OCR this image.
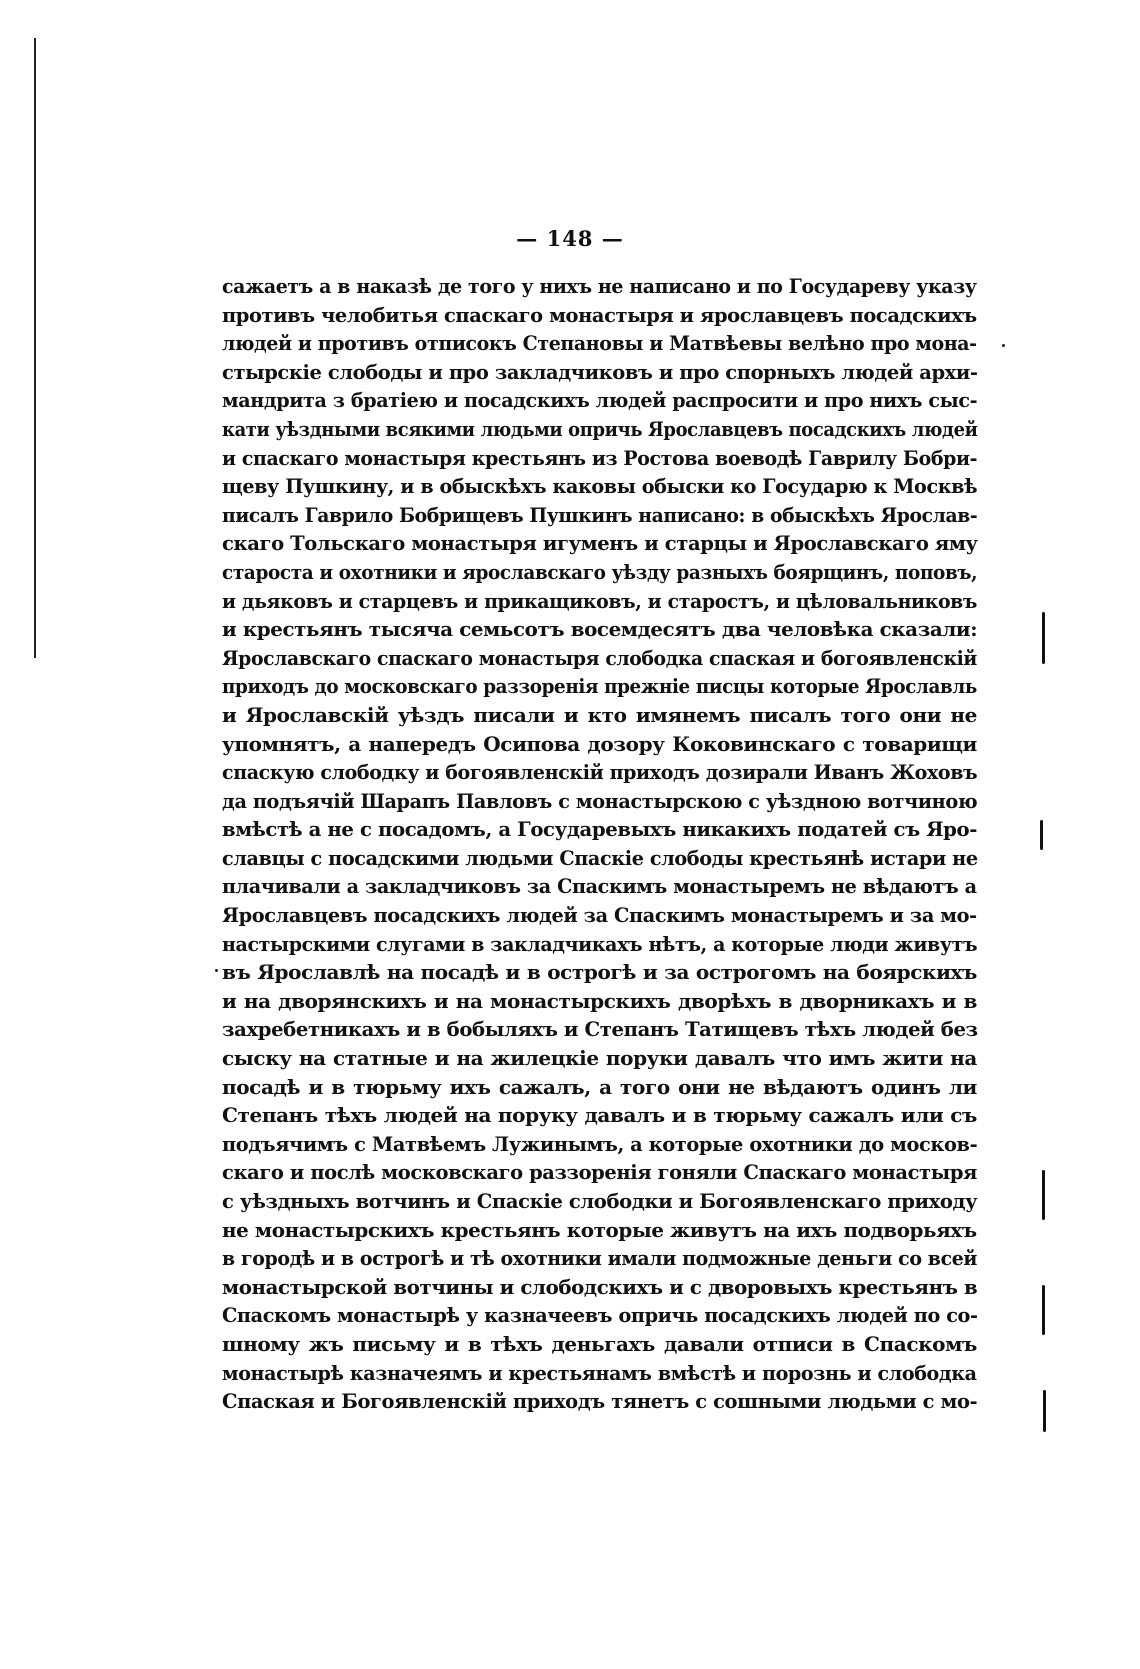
— 148 —
сажаетъ а в наказѣ де того у нихъ не написано и по Государеву указу
противъ челобитья спаскаго монастыря и ярославцевъ посадскихъ
людей и противъ отписокъ Степановы и Матвѣевы велѣно про мона-
стырскіе слободы и про закладчиковъ и про спорныхъ людей архи-
мандрита з братіею и посадскихъ людей распросити и про нихъ сыс-
кати уѣздными всякими людьми опричь Ярославцевъ посадскихъ людей
и спаскаго монастыря крестьянъ из Ростова воеводѣ Гаврилу Бобри-
щеву Пушкину, и в обыскѣхъ каковы обыски ко Государю к Москвѣ
писалъ Гаврило Бобрищевъ Пушкинъ написано: в обыскѣхъ Ярослав-
скаго Тольскаго монастыря игуменъ и старцы и Ярославскаго яму
староста и охотники и ярославскаго уѣзду разныхъ боярщинъ, поповъ,
и дьяковъ и старцевъ и прикащиковъ, и старостъ, и цѣловальниковъ
и крестьянъ тысяча семьсотъ восемдесятъ два человѣка сказали:
Ярославскаго спаскаго монастыря слободка спаская и богоявленскій
приходъ до московскаго раззоренія прежніе писцы которые Ярославль
и Ярославскій уѣздъ писали и кто имянемъ писалъ того они не
упомнятъ, а напередъ Осипова дозору Коковинскаго с товарищи
спаскую слободку и богоявленскій приходъ дозирали Иванъ Жоховъ
да подъячій Шарапъ Павловъ с монастырскою с уѣздною вотчиною
вмѣстѣ а не с посадомъ, а Государевыхъ никакихъ податей съ Яро-
славцы с посадскими людьми Спаскіе слободы крестьянѣ истари не
плачивали а закладчиковъ за Спаскимъ монастыремъ не вѣдаютъ а
Ярославцевъ посадскихъ людей за Спаскимъ монастыремъ и за мо-
настырскими слугами в закладчикахъ нѣтъ, а которые люди живутъ
въ Ярославлѣ на посадѣ и в острогѣ и за острогомъ на боярскихъ
и на дворянскихъ и на монастырскихъ дворѣхъ в дворникахъ и в
захребетникахъ и в бобыляхъ и Степанъ Татищевъ тѣхъ людей без
сыску на статные и на жилецкіе поруки давалъ что имъ жити на
посадѣ и в тюрьму ихъ сажалъ, а того они не вѣдаютъ одинъ ли
Степанъ тѣхъ людей на поруку давалъ и в тюрьму сажалъ или съ
подъячимъ с Матвѣемъ Лужинымъ, а которые охотники до москов-
скаго и послѣ московскаго раззоренія гоняли Спаскаго монастыря
с уѣздныхъ вотчинъ и Спаскіе слободки и Богоявленскаго приходу
не монастырскихъ крестьянъ которые живутъ на ихъ подворьяхъ
в городѣ и в острогѣ и тѣ охотники имали подможные деньги со всей
монастырской вотчины и слободскихъ и с дворовыхъ крестьянъ в
Спаскомъ монастырѣ у казначеевъ опричь посадскихъ людей по со-
шному жъ письму и в тѣхъ деньгахъ давали отписи в Спаскомъ
монастырѣ казначеямъ и крестьянамъ вмѣстѣ и порознь и слободка
Спаская и Богоявленскій приходъ тянетъ с сошными людьми с мо-
